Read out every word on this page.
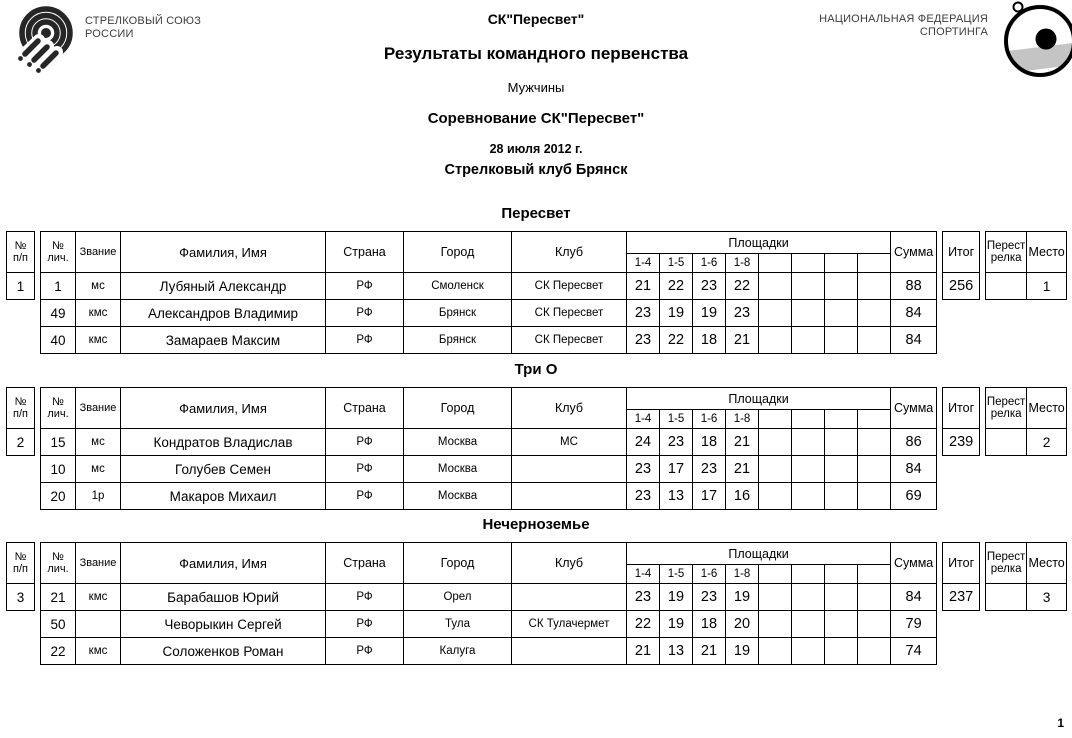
СТРЕЛКОВЫЙ СОЮЗ
РОССИИ
НАЦИОНАЛЬНАЯ ФЕДЕРАЦИЯ
СПОРТИНГА
СК"Пересвет"
Результаты командного первенства
Мужчины
Соревнование СК"Пересвет"
28 июля 2012 г.
Стрелковый клуб Брянск
Пересвет
№
п/п		№
лич.	Звание	Фамилия, Имя	Страна	Город	Клуб	Площадки								Сумма		Итог		Перест
релка	Место
								1-4	1-5	1-6	1-8										
1		1	мс	Лубяный Александр	РФ	Смоленск	СК Пересвет	21	22	23	22					88		256			1
		49	кмс	Александров Владимир	РФ	Брянск	СК Пересвет	23	19	19	23					84					
		40	кмс	Замараев Максим	РФ	Брянск	СК Пересвет	23	22	18	21					84					
Три О
№
п/п		№
лич.	Звание	Фамилия, Имя	Страна	Город	Клуб	Площадки								Сумма		Итог		Перест
релка	Место
								1-4	1-5	1-6	1-8										
2		15	мс	Кондратов Владислав	РФ	Москва	МС	24	23	18	21					86		239			2
		10	мс	Голубев Семен	РФ	Москва		23	17	23	21					84					
		20	1р	Макаров Михаил	РФ	Москва		23	13	17	16					69					
Нечерноземье
№
п/п		№
лич.	Звание	Фамилия, Имя	Страна	Город	Клуб	Площадки								Сумма		Итог		Перест
релка	Место
								1-4	1-5	1-6	1-8										
3		21	кмс	Барабашов Юрий	РФ	Орел		23	19	23	19					84		237			3
		50		Чеворыкин Сергей	РФ	Тула	СК Тулачермет	22	19	18	20					79					
		22	кмс	Соложенков Роман	РФ	Калуга		21	13	21	19					74					
1
